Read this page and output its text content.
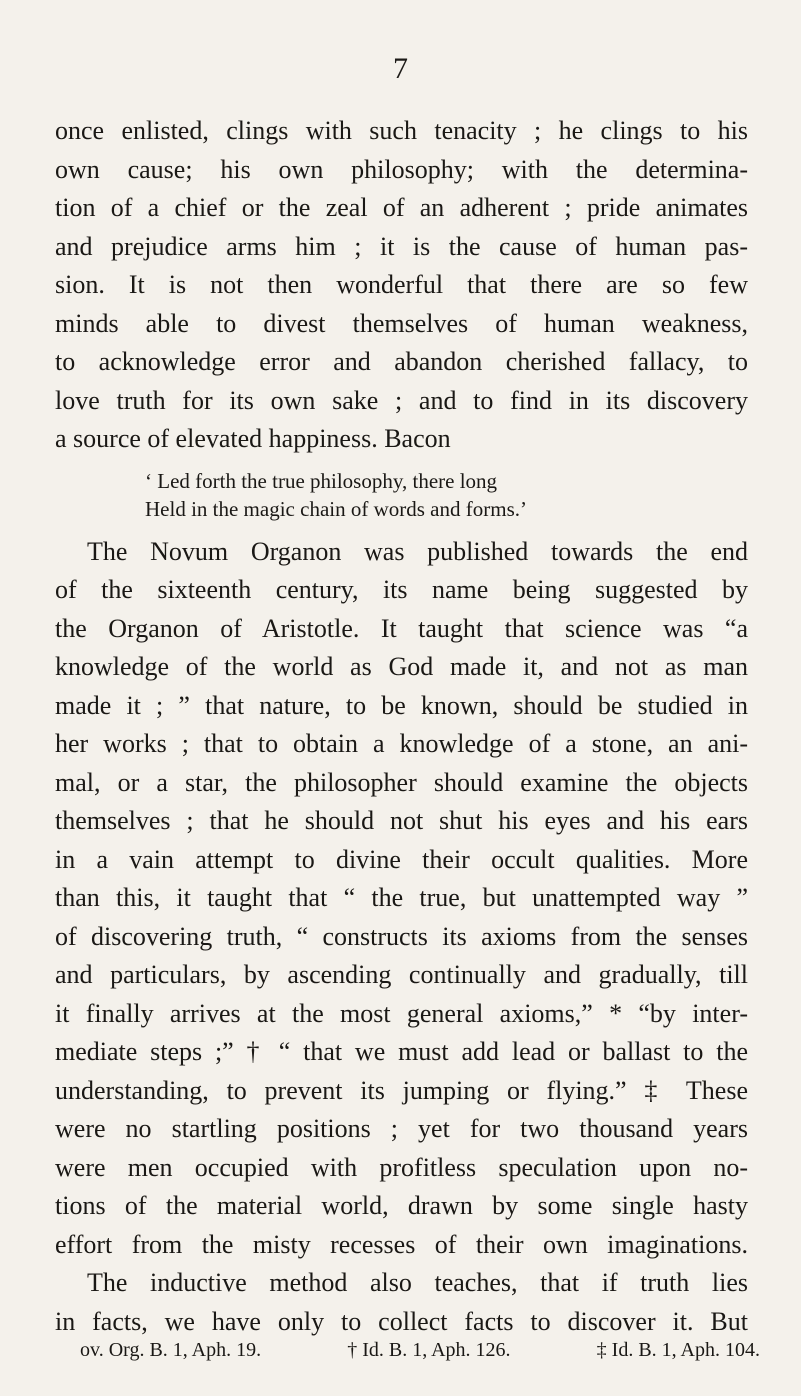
7
once enlisted, clings with such tenacity ; he clings to his
own cause; his own philosophy; with the determina-
tion of a chief or the zeal of an adherent ; pride animates
and prejudice arms him ; it is the cause of human pas-
sion. It is not then wonderful that there are so few
minds able to divest themselves of human weakness,
to acknowledge error and abandon cherished fallacy, to
love truth for its own sake ; and to find in its discovery
a source of elevated happiness. Bacon
‘ Led forth the true philosophy, there long
Held in the magic chain of words and forms.’
The Novum Organon was published towards the end
of the sixteenth century, its name being suggested by
the Organon of Aristotle. It taught that science was “a
knowledge of the world as God made it, and not as man
made it ; ” that nature, to be known, should be studied in
her works ; that to obtain a knowledge of a stone, an ani-
mal, or a star, the philosopher should examine the objects
themselves ; that he should not shut his eyes and his ears
in a vain attempt to divine their occult qualities. More
than this, it taught that “ the true, but unattempted way ”
of discovering truth, “ constructs its axioms from the senses
and particulars, by ascending continually and gradually, till
it finally arrives at the most general axioms,” * “by inter-
mediate steps ;” † “ that we must add lead or ballast to the
understanding, to prevent its jumping or flying.” ‡ These
were no startling positions ; yet for two thousand years
were men occupied with profitless speculation upon no-
tions of the material world, drawn by some single hasty
effort from the misty recesses of their own imaginations.
The inductive method also teaches, that if truth lies
in facts, we have only to collect facts to discover it. But
ov. Org. B. 1, Aph. 19.	† Id. B. 1, Aph. 126.	‡ Id. B. 1, Aph. 104.
